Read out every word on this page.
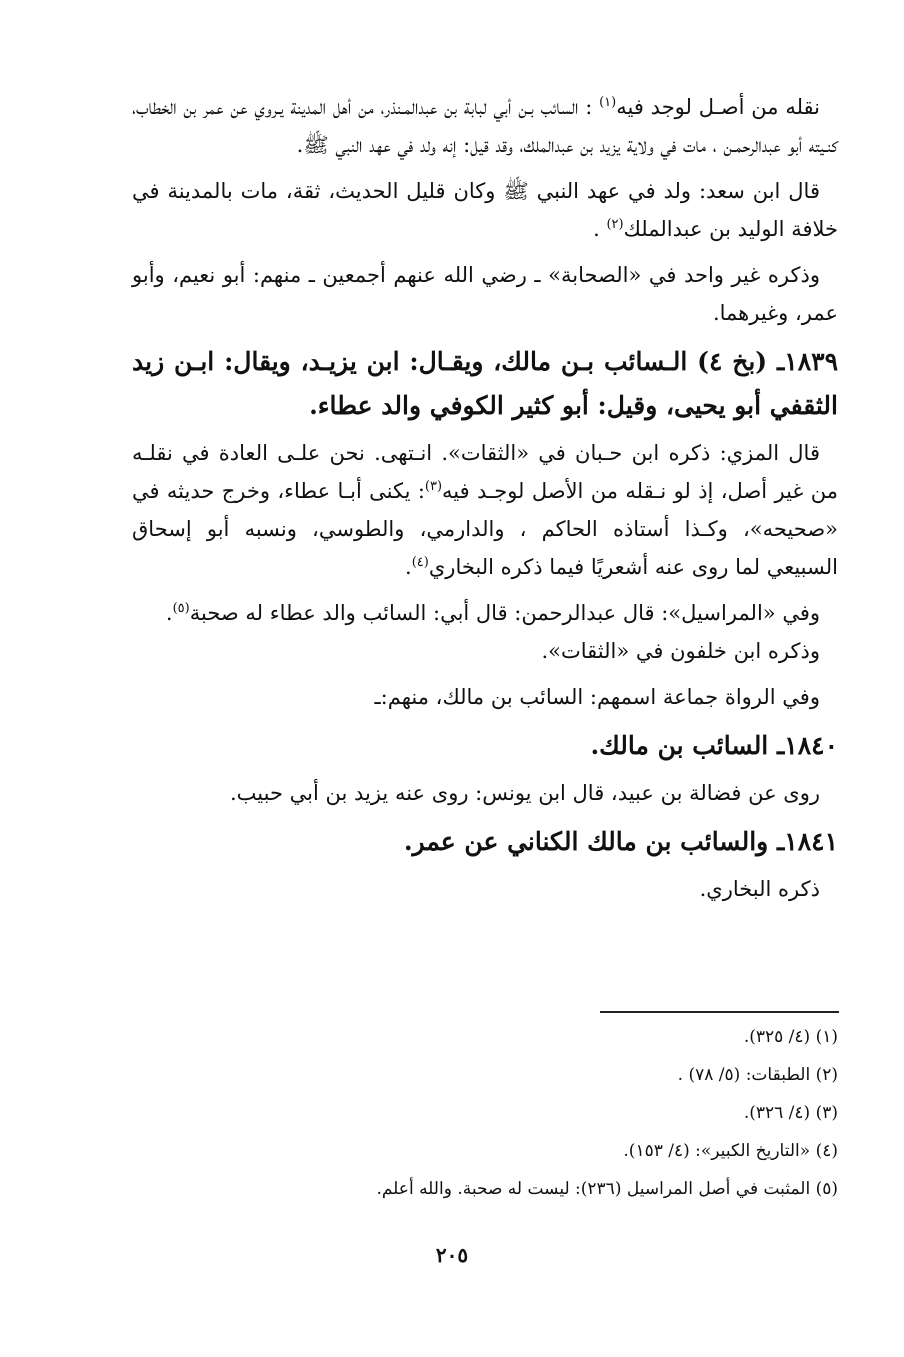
نقله من أصـل لوجد فيه$^{(١)}$ : السائب بـن أبي لبابة بن عبدالمـنذر، من أهل المدينة يـروي عن عمر بن الخطاب، كنـيته أبو عبدالرحمـن ، مات في ولاية يزيد بن عبدالملك، وقد قيل: إنه ولد في عهد النبي ﷺ.

قال ابن سعد: ولد في عهد النبي ﷺ وكان قليل الحديث، ثقة، مات بالمدينة في خلافة الوليد بن عبدالملك$^{(٢)}$ .

وذكره غير واحد في «الصحابة» ـ رضي الله عنهم أجمعين ـ منهم: أبو نعيم، وأبو عمر، وغيرهما.

١٨٣٩ـ (بخ ٤) الـسائب بـن مالك، ويقـال: ابن يزيـد، ويقال: ابـن زيد الثقفي أبو يحيى، وقيل: أبو كثير الكوفي والد عطاء.

قال المزي: ذكره ابن حـبان في «الثقات». انـتهى. نحن علـى العادة في نقلـه من غير أصل، إذ لو نـقله من الأصل لوجـد فيه$^{(٣)}$: يكنى أبـا عطاء، وخرج حديثه في «صحيحه»، وكـذا أستاذه الحاكم ، والدارمي، والطوسي، ونسبه أبو إسحاق السبيعي لما روى عنه أشعريًا فيما ذكره البخاري$^{(٤)}$.

وفي «المراسيل»: قال عبدالرحمن: قال أبي: السائب والد عطاء له صحبة$^{(٥)}$.

وذكره ابن خلفون في «الثقات».

وفي الرواة جماعة اسمهم: السائب بن مالك، منهم:ـ

١٨٤٠ـ السائب بن مالك.

روى عن فضالة بن عبيد، قال ابن يونس: روى عنه يزيد بن أبي حبيب.

١٨٤١ـ والسائب بن مالك الكناني عن عمر.

ذكره البخاري.

(١) (٤/ ٣٢٥).
(٢) الطبقات: (٥/ ٧٨) .
(٣) (٤/ ٣٢٦).
(٤) «التاريخ الكبير»: (٤/ ١٥٣).
(٥) المثبت في أصل المراسيل (٢٣٦): ليست له صحبة. والله أعلم.
٢٠٥
